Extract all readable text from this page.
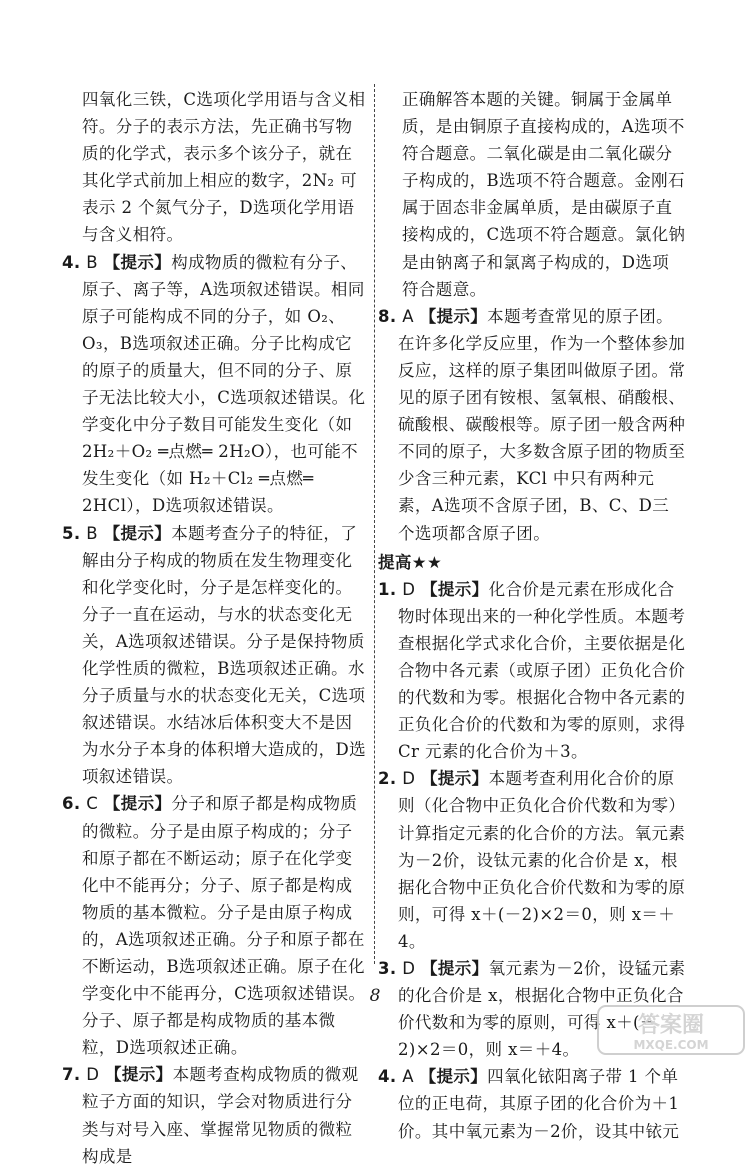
四氧化三铁，C选项化学用语与含义相符。分子的表示方法，先正确书写物质的化学式，表示多个该分子，就在其化学式前加上相应的数字，2N₂ 可表示 2 个氮气分子，D选项化学用语与含义相符。

4. B 【提示】构成物质的微粒有分子、原子、离子等，A选项叙述错误。相同原子可能构成不同的分子，如 O₂、O₃，B选项叙述正确。分子比构成它的原子的质量大，但不同的分子、原子无法比较大小，C选项叙述错误。化学变化中分子数目可能发生变化（如 2H₂＋O₂ ═点燃═ 2H₂O），也可能不发生变化（如 H₂＋Cl₂ ═点燃═ 2HCl），D选项叙述错误。

5. B 【提示】本题考查分子的特征，了解由分子构成的物质在发生物理变化和化学变化时，分子是怎样变化的。分子一直在运动，与水的状态变化无关，A选项叙述错误。分子是保持物质化学性质的微粒，B选项叙述正确。水分子质量与水的状态变化无关，C选项叙述错误。水结冰后体积变大不是因为水分子本身的体积增大造成的，D选项叙述错误。

6. C 【提示】分子和原子都是构成物质的微粒。分子是由原子构成的；分子和原子都在不断运动；原子在化学变化中不能再分；分子、原子都是构成物质的基本微粒。分子是由原子构成的，A选项叙述正确。分子和原子都在不断运动，B选项叙述正确。原子在化学变化中不能再分，C选项叙述错误。分子、原子都是构成物质的基本微粒，D选项叙述正确。

7. D 【提示】本题考查构成物质的微观粒子方面的知识，学会对物质进行分类与对号入座、掌握常见物质的微粒构成是

正确解答本题的关键。铜属于金属单质，是由铜原子直接构成的，A选项不符合题意。二氧化碳是由二氧化碳分子构成的，B选项不符合题意。金刚石属于固态非金属单质，是由碳原子直接构成的，C选项不符合题意。氯化钠是由钠离子和氯离子构成的，D选项符合题意。

8. A 【提示】本题考查常见的原子团。在许多化学反应里，作为一个整体参加反应，这样的原子集团叫做原子团。常见的原子团有铵根、氢氧根、硝酸根、硫酸根、碳酸根等。原子团一般含两种不同的原子，大多数含原子团的物质至少含三种元素，KCl 中只有两种元素，A选项不含原子团，B、C、D三个选项都含原子团。

提高★★

1. D 【提示】化合价是元素在形成化合物时体现出来的一种化学性质。本题考查根据化学式求化合价，主要依据是化合物中各元素（或原子团）正负化合价的代数和为零。根据化合物中各元素的正负化合价的代数和为零的原则，求得 Cr 元素的化合价为＋3。

2. D 【提示】本题考查利用化合价的原则（化合物中正负化合价代数和为零）计算指定元素的化合价的方法。氧元素为－2价，设钛元素的化合价是 x，根据化合物中正负化合价代数和为零的原则，可得 x＋(－2)×2＝0，则 x＝＋4。

3. D 【提示】氧元素为－2价，设锰元素的化合价是 x，根据化合物中正负化合价代数和为零的原则，可得 x＋(－2)×2＝0，则 x＝＋4。

4. A 【提示】四氧化铱阳离子带 1 个单位的正电荷，其原子团的化合价为＋1价。其中氧元素为－2价，设其中铱元

8
答案圈
MXQE.COM
